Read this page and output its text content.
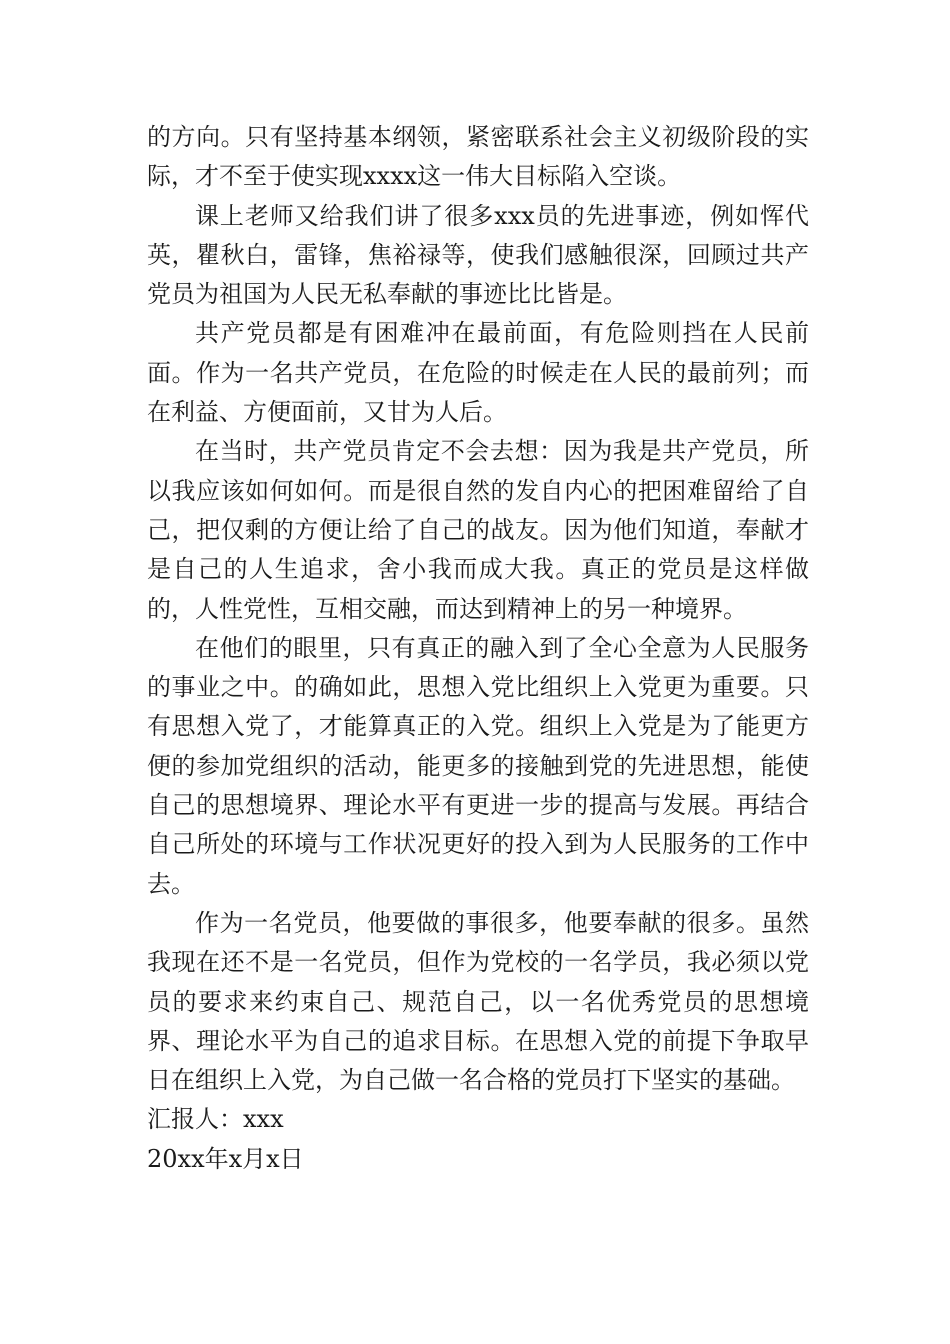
的方向。只有坚持基本纲领，紧密联系社会主义初级阶段的实际，才不至于使实现xxxx这一伟大目标陷入空谈。

课上老师又给我们讲了很多xxx员的先进事迹，例如恽代英，瞿秋白，雷锋，焦裕禄等，使我们感触很深，回顾过共产党员为祖国为人民无私奉献的事迹比比皆是。

共产党员都是有困难冲在最前面，有危险则挡在人民前面。作为一名共产党员，在危险的时候走在人民的最前列；而在利益、方便面前，又甘为人后。

在当时，共产党员肯定不会去想：因为我是共产党员，所以我应该如何如何。而是很自然的发自内心的把困难留给了自己，把仅剩的方便让给了自己的战友。因为他们知道，奉献才是自己的人生追求，舍小我而成大我。真正的党员是这样做的，人性党性，互相交融，而达到精神上的另一种境界。

在他们的眼里，只有真正的融入到了全心全意为人民服务的事业之中。的确如此，思想入党比组织上入党更为重要。只有思想入党了，才能算真正的入党。组织上入党是为了能更方便的参加党组织的活动，能更多的接触到党的先进思想，能使自己的思想境界、理论水平有更进一步的提高与发展。再结合自己所处的环境与工作状况更好的投入到为人民服务的工作中去。

作为一名党员，他要做的事很多，他要奉献的很多。虽然我现在还不是一名党员，但作为党校的一名学员，我必须以党员的要求来约束自己、规范自己，以一名优秀党员的思想境界、理论水平为自己的追求目标。在思想入党的前提下争取早日在组织上入党，为自己做一名合格的党员打下坚实的基础。

汇报人：xxx

20xx年x月x日
